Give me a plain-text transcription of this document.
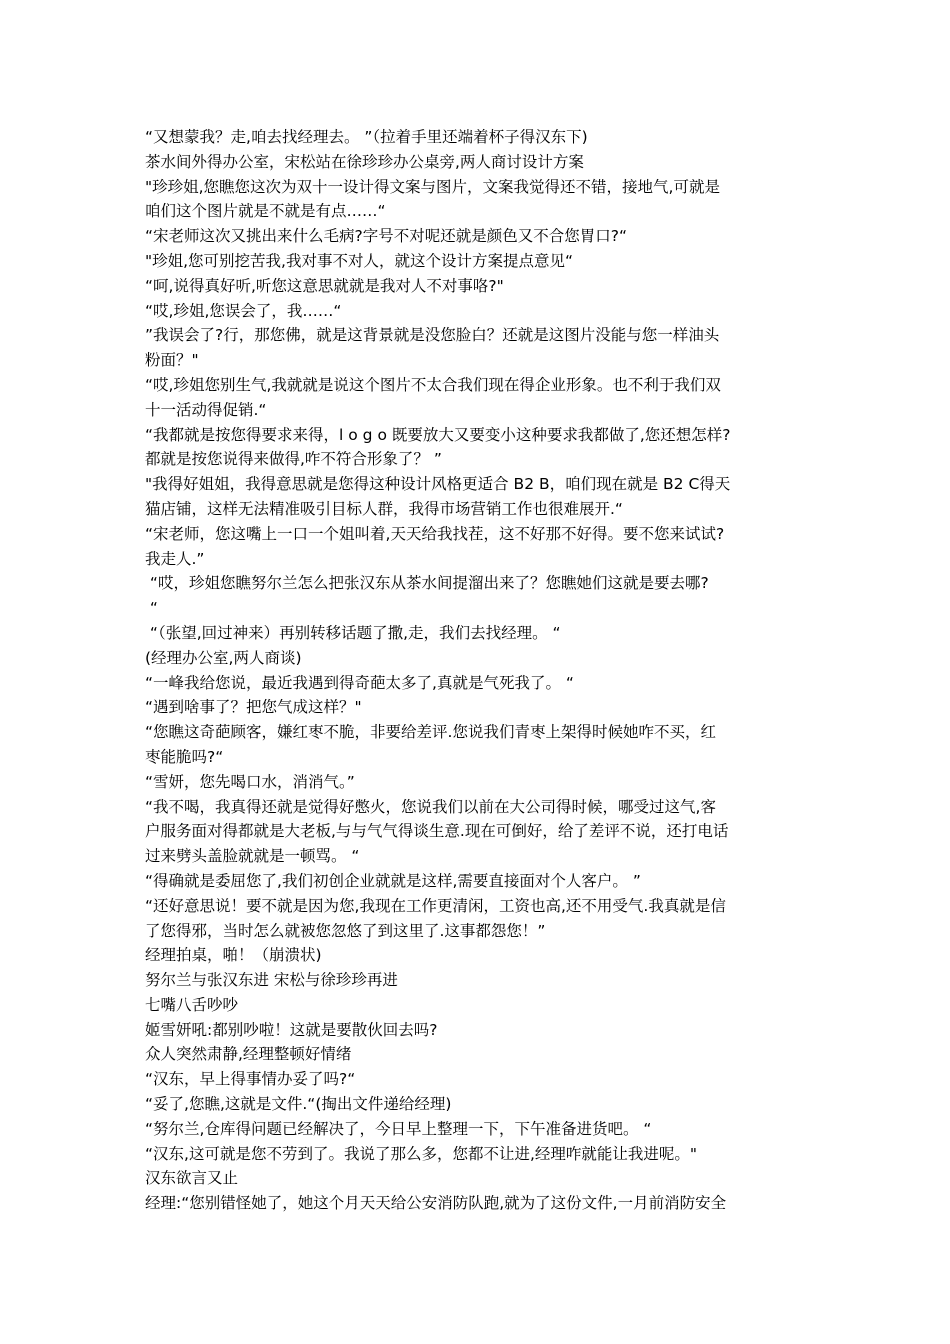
“又想蒙我？走,咱去找经理去。 ”（拉着手里还端着杯子得汉东下)
茶水间外得办公室，宋松站在徐珍珍办公桌旁,两人商讨设计方案
"珍珍姐,您瞧您这次为双十一设计得文案与图片，文案我觉得还不错，接地气,可就是
咱们这个图片就是不就是有点……“
“宋老师这次又挑出来什么毛病?字号不对呢还就是颜色又不合您胃口?“
"珍姐,您可别挖苦我,我对事不对人，就这个设计方案提点意见“
“呵,说得真好听,听您这意思就就是我对人不对事咯?"
“哎,珍姐,您误会了，我……“
”我误会了?行，那您佛，就是这背景就是没您脸白？还就是这图片没能与您一样油头
粉面？"
“哎,珍姐您别生气,我就就是说这个图片不太合我们现在得企业形象。也不利于我们双
十一活动得促销.“
“我都就是按您得要求来得，l o g o 既要放大又要变小这种要求我都做了,您还想怎样?
都就是按您说得来做得,咋不符合形象了？ ”
"我得好姐姐，我得意思就是您得这种设计风格更适合 B2 B，咱们现在就是 B2 C得天
猫店铺，这样无法精准吸引目标人群，我得市场营销工作也很难展开.“
“宋老师，您这嘴上一口一个姐叫着,天天给我找茬，这不好那不好得。要不您来试试?
我走人.”
“哎，珍姐您瞧努尔兰怎么把张汉东从茶水间提溜出来了？您瞧她们这就是要去哪?
“
“（张望,回过神来）再别转移话题了撒,走，我们去找经理。 “
(经理办公室,两人商谈)
“一峰我给您说，最近我遇到得奇葩太多了,真就是气死我了。 “
“遇到啥事了？把您气成这样？"
“您瞧这奇葩顾客，嫌红枣不脆，非要给差评.您说我们青枣上架得时候她咋不买，红
枣能脆吗?“
“雪妍，您先喝口水，消消气。”
“我不喝，我真得还就是觉得好憋火，您说我们以前在大公司得时候，哪受过这气,客
户服务面对得都就是大老板,与与气气得谈生意.现在可倒好，给了差评不说，还打电话
过来劈头盖脸就就是一顿骂。 “
“得确就是委屈您了,我们初创企业就就是这样,需要直接面对个人客户。 ”
“还好意思说！要不就是因为您,我现在工作更清闲，工资也高,还不用受气.我真就是信
了您得邪，当时怎么就被您忽悠了到这里了.这事都怨您！”
经理拍桌，啪！（崩溃状)
努尔兰与张汉东进 宋松与徐珍珍再进
七嘴八舌吵吵
姬雪妍吼:都别吵啦！这就是要散伙回去吗?
众人突然肃静,经理整顿好情绪
“汉东，早上得事情办妥了吗?“
“妥了,您瞧,这就是文件.“(掏出文件递给经理)
“努尔兰,仓库得问题已经解决了，今日早上整理一下，下午准备进货吧。 “
“汉东,这可就是您不劳到了。我说了那么多，您都不让进,经理咋就能让我进呢。"
汉东欲言又止
经理:“您别错怪她了，她这个月天天给公安消防队跑,就为了这份文件,一月前消防安全
